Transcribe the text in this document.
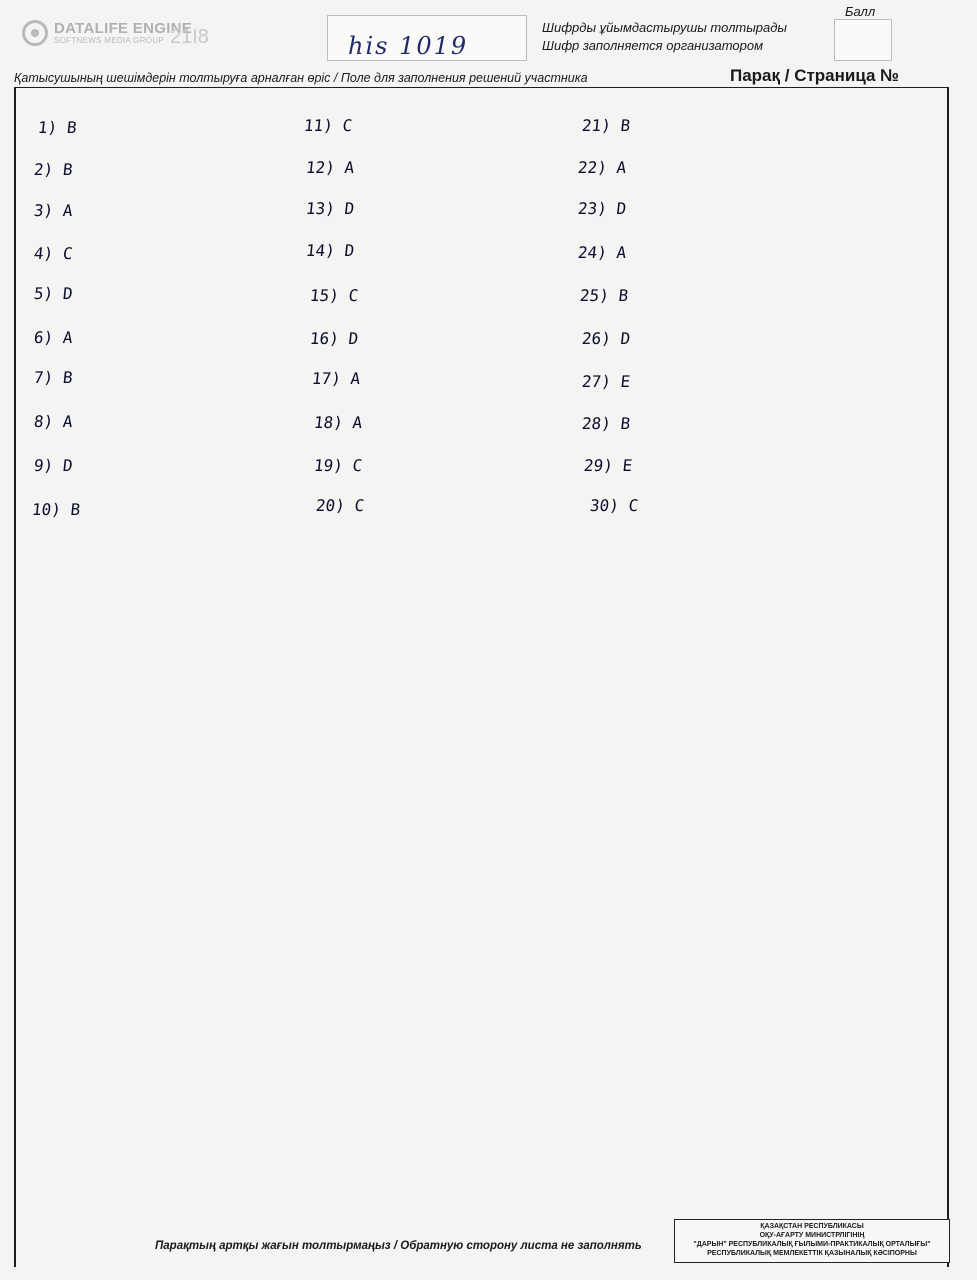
DATALIFE ENGINE
SOFTNEWS MEDIA GROUP 21I8	his 1019
Шифрды ұйымдастырушы толтырады
Шифр заполняется организатором
Балл
Парақ / Страница №
Қатысушының шешімдерін толтыруға арналған өріс / Поле для заполнения решений участника
1) B
2) B
3) A
4) C
5) D
6) A
7) B
8) A
9) D
10) B
11) C
12) A
13) D
14) D
15) C
16) D
17) A
18) A
19) C
20) C
21) B
22) A
23) D
24) A
25) B
26) D
27) E
28) B
29) E
30) C
Парақтың артқы жағын толтырмаңыз / Обратную сторону листа не заполнять
ҚАЗАҚСТАН РЕСПУБЛИКАСЫ
ОҚУ-АҒАРТУ МИНИСТРЛІГІНІҢ
"ДАРЫН" РЕСПУБЛИКАЛЫҚ ҒЫЛЫМИ-ПРАКТИКАЛЫҚ ОРТАЛЫҒЫ"
РЕСПУБЛИКАЛЫҚ МЕМЛЕКЕТТІК ҚАЗЫНАЛЫҚ КӘСІПОРНЫ
